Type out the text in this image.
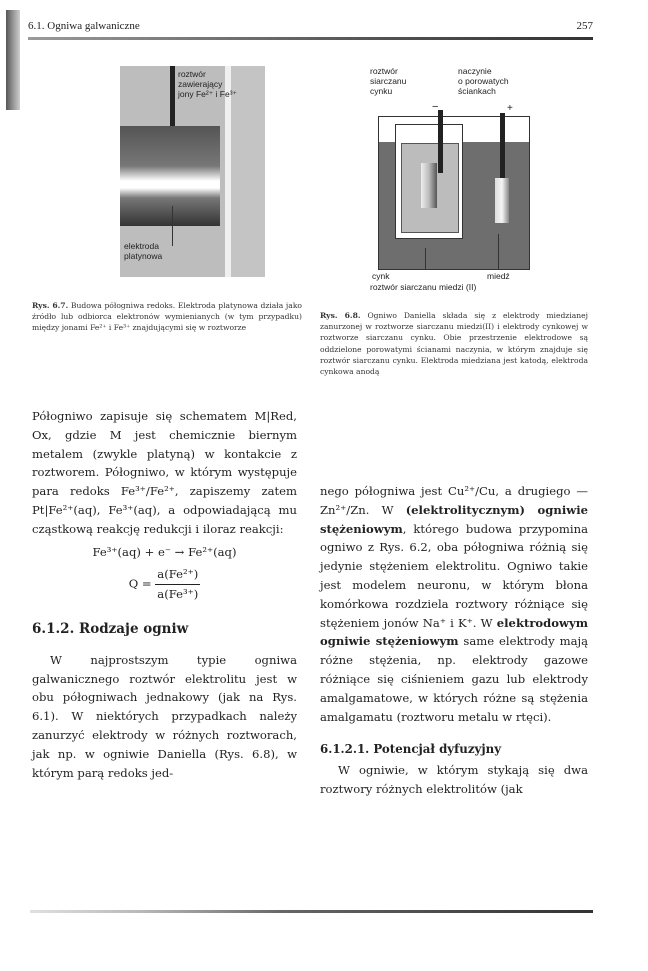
6.1. Ogniwa galwaniczne	257
roztwór
zawierający
jony Fe²⁺ i Fe³⁺
elektroda
platynowa
roztwór
siarczanu
cynku
naczynie
o porowatych
ściankach
−	+
cynk	miedź
roztwór siarczanu miedzi (II)
Rys. 6.7. Budowa półogniwa redoks. Elektroda platynowa działa jako źródło lub odbiorca elektronów wymienianych (w tym przypadku) między jonami Fe²⁺ i Fe³⁺ znajdującymi się w roztworze
Rys. 6.8. Ogniwo Daniella składa się z elektrody miedzianej zanurzonej w roztworze siarczanu miedzi(II) i elektrody cynkowej w roztworze siarczanu cynku. Obie przestrzenie elektrodowe są oddzielone porowatymi ścianami naczynia, w którym znajduje się roztwór siarczanu cynku. Elektroda miedziana jest katodą, elektroda cynkowa anodą
Półogniwo zapisuje się schematem M|Red, Ox, gdzie M jest chemicznie biernym metalem (zwykle platyną) w kontakcie z roztworem. Półogniwo, w którym występuje para redoks Fe³⁺/Fe²⁺, zapiszemy zatem Pt|Fe²⁺(aq), Fe³⁺(aq), a odpowiadającą mu cząstkową reakcję redukcji i iloraz reakcji:
Fe³⁺(aq) + e⁻ → Fe²⁺(aq)
$Q = \frac{\text{a(Fe²⁺)}}{\text{a(Fe³⁺)}}$
6.1.2. Rodzaje ogniw
W najprostszym typie ogniwa galwanicznego roztwór elektrolitu jest w obu półogniwach jednakowy (jak na Rys. 6.1). W niektórych przypadkach należy zanurzyć elektrody w różnych roztworach, jak np. w ogniwie Daniella (Rys. 6.8), w którym parą redoks jed-
nego półogniwa jest Cu²⁺/Cu, a drugiego — Zn²⁺/Zn. W (elektrolitycznym) ogniwie stężeniowym, którego budowa przypomina ogniwo z Rys. 6.2, oba półogniwa różnią się jedynie stężeniem elektrolitu. Ogniwo takie jest modelem neuronu, w którym błona komórkowa rozdziela roztwory różniące się stężeniem jonów Na⁺ i K⁺. W elektrodowym ogniwie stężeniowym same elektrody mają różne stężenia, np. elektrody gazowe różniące się ciśnieniem gazu lub elektrody amalgamatowe, w których różne są stężenia amalgamatu (roztworu metalu w rtęci).
6.1.2.1. Potencjał dyfuzyjny
W ogniwie, w którym stykają się dwa roztwory różnych elektrolitów (jak
